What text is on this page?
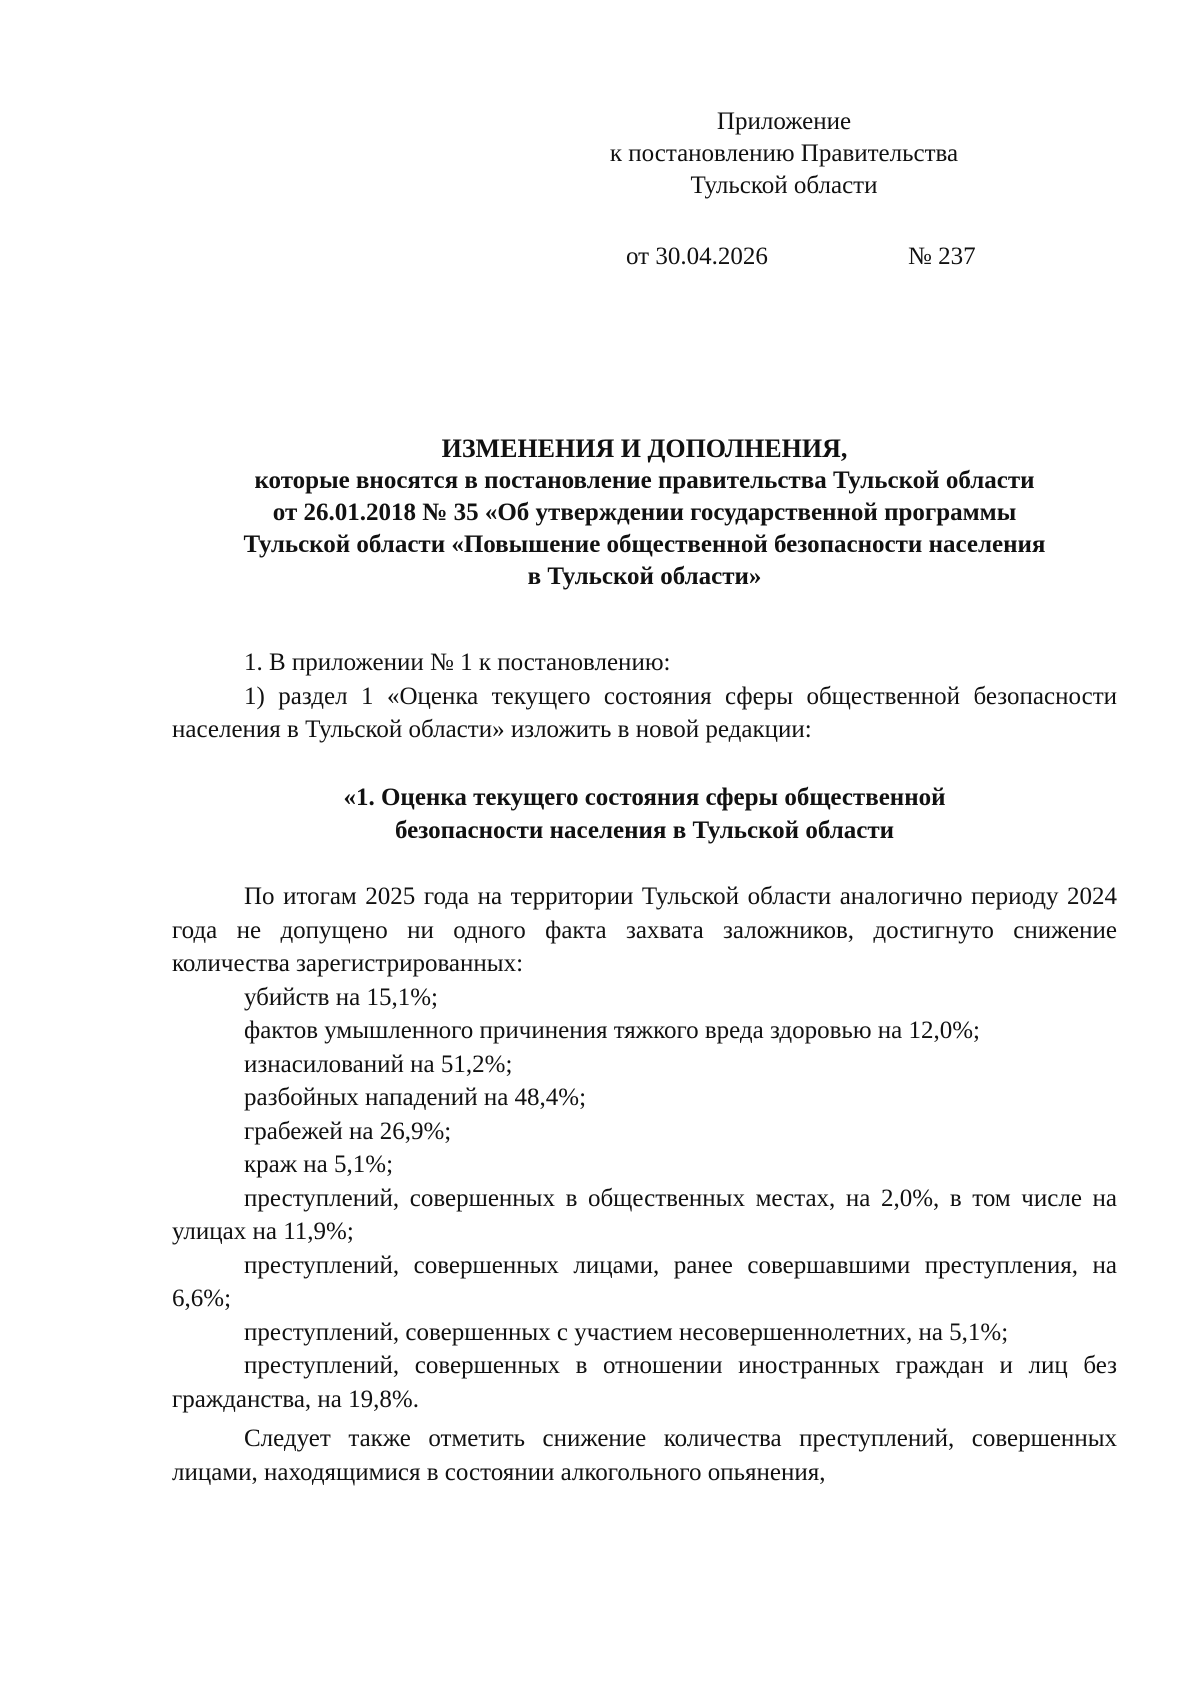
Приложение
к постановлению Правительства
Тульской области
от 30.04.2026	№ 237
ИЗМЕНЕНИЯ И ДОПОЛНЕНИЯ,
которые вносятся в постановление правительства Тульской области
от 26.01.2018 № 35 «Об утверждении государственной программы
Тульской области «Повышение общественной безопасности населения
в Тульской области»

1. В приложении № 1 к постановлению:

1) раздел 1 «Оценка текущего состояния сферы общественной безопасности населения в Тульской области» изложить в новой редакции:

«1. Оценка текущего состояния сферы общественной
безопасности населения в Тульской области

По итогам 2025 года на территории Тульской области аналогично периоду 2024 года не допущено ни одного факта захвата заложников, достигнуто снижение количества зарегистрированных:

убийств на 15,1%;

фактов умышленного причинения тяжкого вреда здоровью на 12,0%;

изнасилований на 51,2%;

разбойных нападений на 48,4%;

грабежей на 26,9%;

краж на 5,1%;

преступлений, совершенных в общественных местах, на 2,0%, в том числе на улицах на 11,9%;

преступлений, совершенных лицами, ранее совершавшими преступления, на 6,6%;

преступлений, совершенных с участием несовершеннолетних, на 5,1%;

преступлений, совершенных в отношении иностранных граждан и лиц без гражданства, на 19,8%.

Следует также отметить снижение количества преступлений, совершенных лицами, находящимися в состоянии алкогольного опьянения,
